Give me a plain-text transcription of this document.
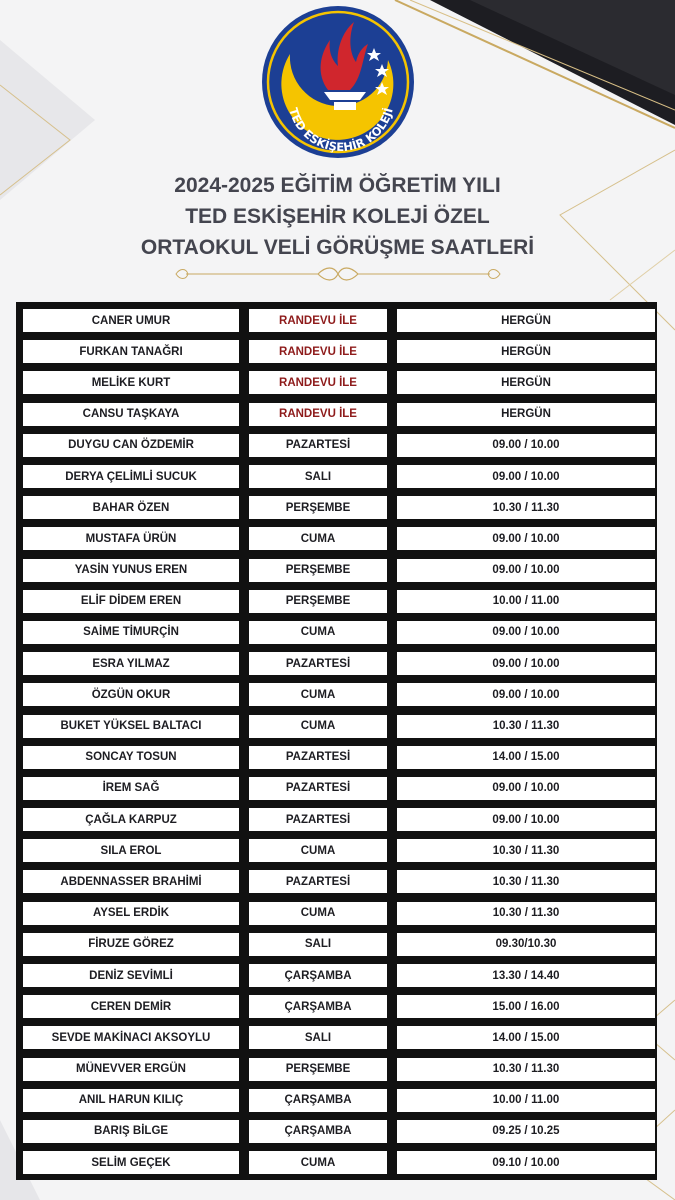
TED ESKİŞEHİR KOLEJİ
2024-2025 EĞİTİM ÖĞRETİM YILI
TED ESKİŞEHİR KOLEJİ ÖZEL
ORTAOKUL VELİ GÖRÜŞME SAATLERİ
CANER UMUR	RANDEVU İLE	HERGÜN
FURKAN TANAĞRI	RANDEVU İLE	HERGÜN
MELİKE KURT	RANDEVU İLE	HERGÜN
CANSU TAŞKAYA	RANDEVU İLE	HERGÜN
DUYGU CAN ÖZDEMİR	PAZARTESİ	09.00 / 10.00
DERYA ÇELİMLİ SUCUK	SALI	09.00 / 10.00
BAHAR ÖZEN	PERŞEMBE	10.30 / 11.30
MUSTAFA ÜRÜN	CUMA	09.00 / 10.00
YASİN YUNUS EREN	PERŞEMBE	09.00 / 10.00
ELİF DİDEM EREN	PERŞEMBE	10.00 / 11.00
SAİME TİMURÇİN	CUMA	09.00 / 10.00
ESRA YILMAZ	PAZARTESİ	09.00 / 10.00
ÖZGÜN OKUR	CUMA	09.00 / 10.00
BUKET YÜKSEL BALTACI	CUMA	10.30 / 11.30
SONCAY TOSUN	PAZARTESİ	14.00 / 15.00
İREM SAĞ	PAZARTESİ	09.00 / 10.00
ÇAĞLA KARPUZ	PAZARTESİ	09.00 / 10.00
SILA EROL	CUMA	10.30 / 11.30
ABDENNASSER BRAHİMİ	PAZARTESİ	10.30 / 11.30
AYSEL ERDİK	CUMA	10.30 / 11.30
FİRUZE GÖREZ	SALI	09.30/10.30
DENİZ SEVİMLİ	ÇARŞAMBA	13.30 / 14.40
CEREN DEMİR	ÇARŞAMBA	15.00 / 16.00
SEVDE MAKİNACI AKSOYLU	SALI	14.00 / 15.00
MÜNEVVER ERGÜN	PERŞEMBE	10.30 / 11.30
ANIL HARUN KILIÇ	ÇARŞAMBA	10.00 / 11.00
BARIŞ BİLGE	ÇARŞAMBA	09.25 / 10.25
SELİM GEÇEK	CUMA	09.10 / 10.00
